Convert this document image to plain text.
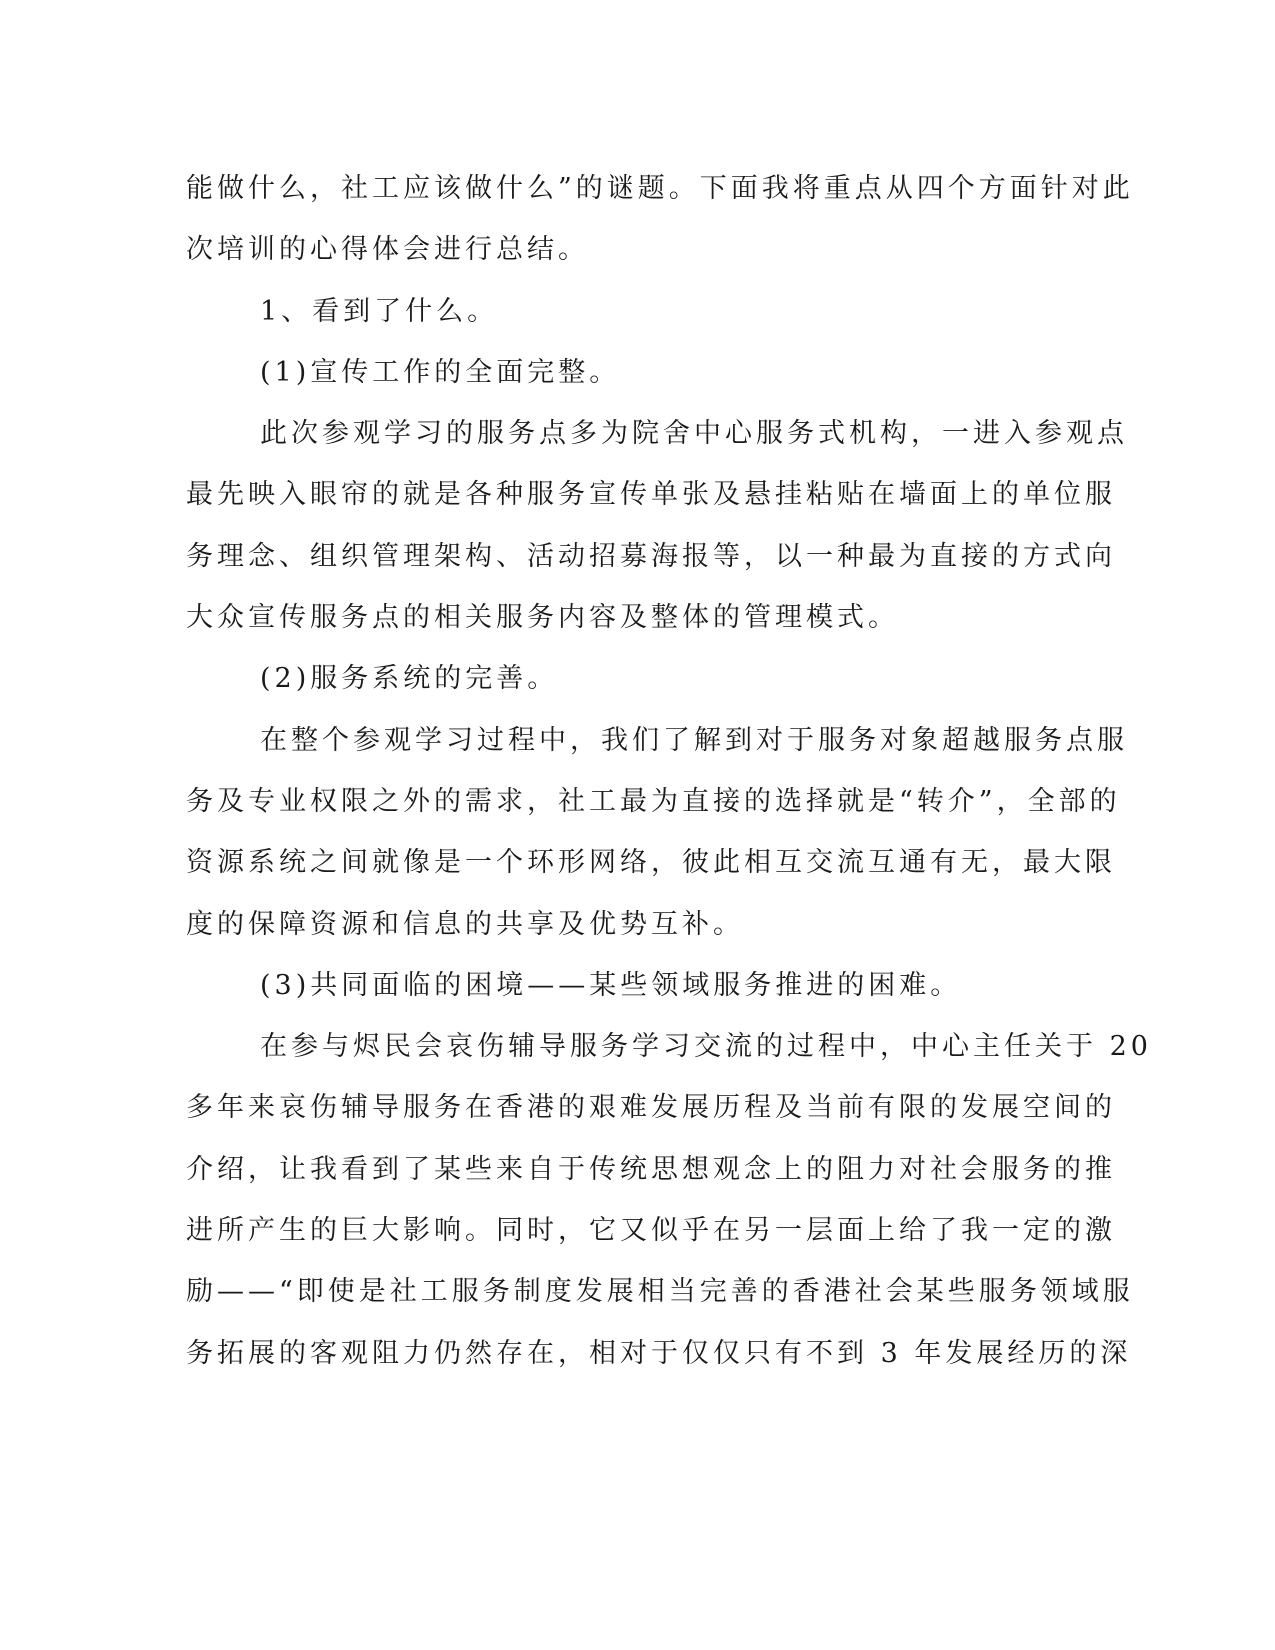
能做什么，社工应该做什么”的谜题。下面我将重点从四个方面针对此
次培训的心得体会进行总结。
1、看到了什么。
(1)宣传工作的全面完整。
此次参观学习的服务点多为院舍中心服务式机构，一进入参观点
最先映入眼帘的就是各种服务宣传单张及悬挂粘贴在墙面上的单位服
务理念、组织管理架构、活动招募海报等，以一种最为直接的方式向
大众宣传服务点的相关服务内容及整体的管理模式。
(2)服务系统的完善。
在整个参观学习过程中，我们了解到对于服务对象超越服务点服
务及专业权限之外的需求，社工最为直接的选择就是“转介”，全部的
资源系统之间就像是一个环形网络，彼此相互交流互通有无，最大限
度的保障资源和信息的共享及优势互补。
(3)共同面临的困境——某些领域服务推进的困难。
在参与烬民会哀伤辅导服务学习交流的过程中，中心主任关于 20
多年来哀伤辅导服务在香港的艰难发展历程及当前有限的发展空间的
介绍，让我看到了某些来自于传统思想观念上的阻力对社会服务的推
进所产生的巨大影响。同时，它又似乎在另一层面上给了我一定的激
励——“即使是社工服务制度发展相当完善的香港社会某些服务领域服
务拓展的客观阻力仍然存在，相对于仅仅只有不到 3 年发展经历的深
